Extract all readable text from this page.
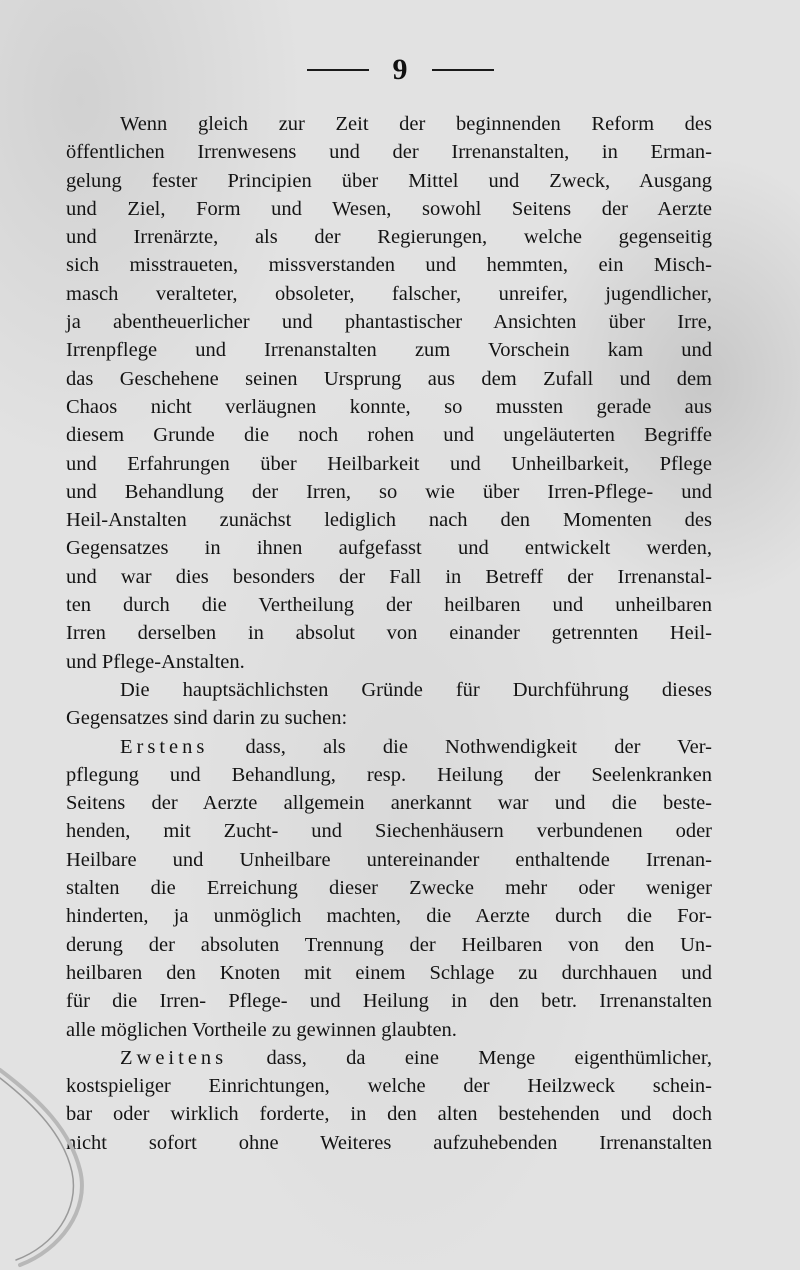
9

Wenn gleich zur Zeit der beginnenden Reform des
öffentlichen Irrenwesens und der Irrenanstalten, in Erman-
gelung fester Principien über Mittel und Zweck, Ausgang
und Ziel, Form und Wesen, sowohl Seitens der Aerzte
und Irrenärzte, als der Regierungen, welche gegenseitig
sich misstraueten, missverstanden und hemmten, ein Misch-
masch veralteter, obsoleter, falscher, unreifer, jugendlicher,
ja abentheuerlicher und phantastischer Ansichten über Irre,
Irrenpflege und Irrenanstalten zum Vorschein kam und
das Geschehene seinen Ursprung aus dem Zufall und dem
Chaos nicht verläugnen konnte, so mussten gerade aus
diesem Grunde die noch rohen und ungeläuterten Begriffe
und Erfahrungen über Heilbarkeit und Unheilbarkeit, Pflege
und Behandlung der Irren, so wie über Irren-Pflege- und
Heil-Anstalten zunächst lediglich nach den Momenten des
Gegensatzes in ihnen aufgefasst und entwickelt werden,
und war dies besonders der Fall in Betreff der Irrenanstal-
ten durch die Vertheilung der heilbaren und unheilbaren
Irren derselben in absolut von einander getrennten Heil-
und Pflege-Anstalten.

Die hauptsächlichsten Gründe für Durchführung dieses
Gegensatzes sind darin zu suchen:

Erstens dass, als die Nothwendigkeit der Ver-
pflegung und Behandlung, resp. Heilung der Seelenkranken
Seitens der Aerzte allgemein anerkannt war und die beste-
henden, mit Zucht- und Siechenhäusern verbundenen oder
Heilbare und Unheilbare untereinander enthaltende Irrenan-
stalten die Erreichung dieser Zwecke mehr oder weniger
hinderten, ja unmöglich machten, die Aerzte durch die For-
derung der absoluten Trennung der Heilbaren von den Un-
heilbaren den Knoten mit einem Schlage zu durchhauen und
für die Irren- Pflege- und Heilung in den betr. Irrenanstalten
alle möglichen Vortheile zu gewinnen glaubten.

Zweitens dass, da eine Menge eigenthümlicher,
kostspieliger Einrichtungen, welche der Heilzweck schein-
bar oder wirklich forderte, in den alten bestehenden und doch
nicht sofort ohne Weiteres aufzuhebenden Irrenanstalten
